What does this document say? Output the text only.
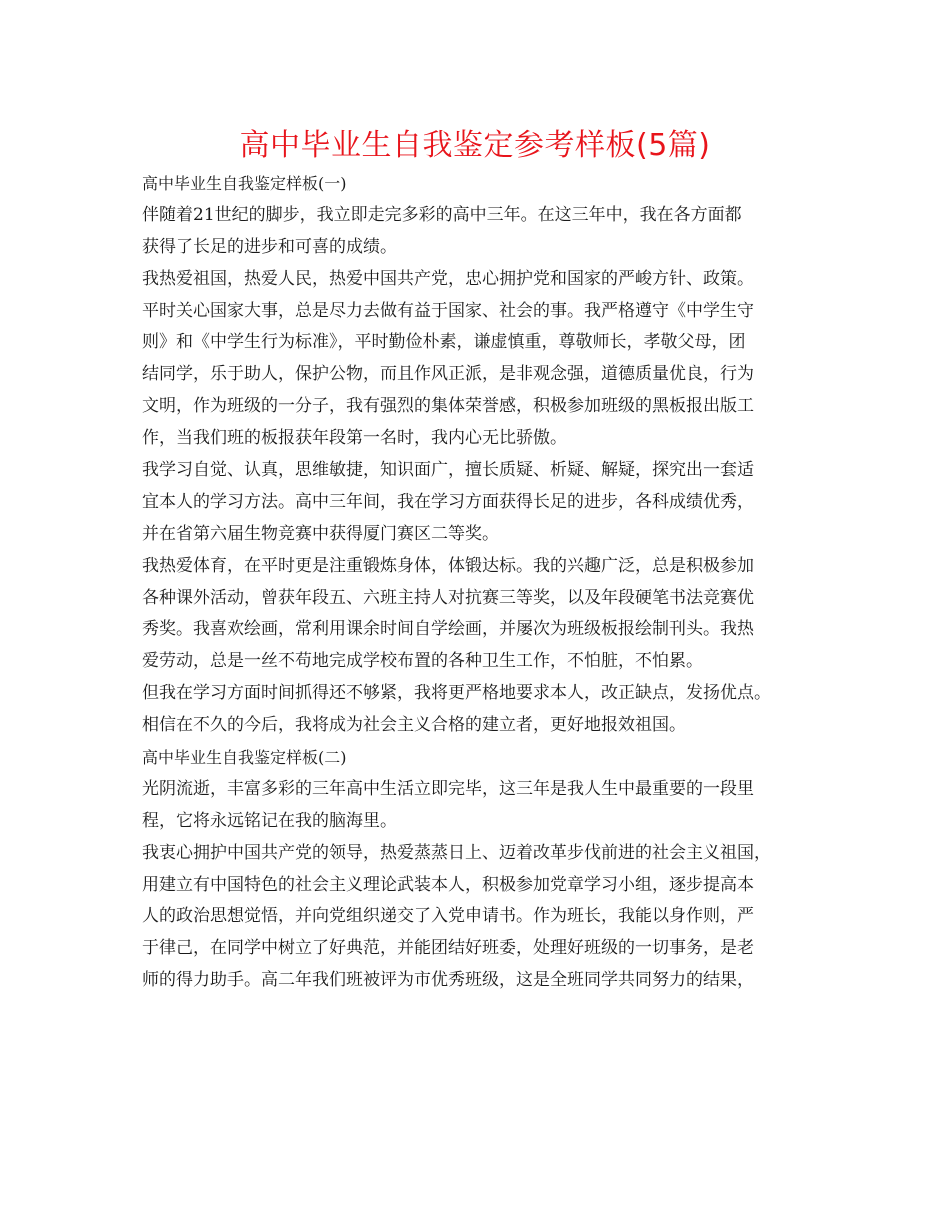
高中毕业生自我鉴定参考样板(5篇)
高中毕业生自我鉴定样板(一)
伴随着21世纪的脚步，我立即走完多彩的高中三年。在这三年中，我在各方面都
获得了长足的进步和可喜的成绩。
我热爱祖国，热爱人民，热爱中国共产党，忠心拥护党和国家的严峻方针、政策。
平时关心国家大事，总是尽力去做有益于国家、社会的事。我严格遵守《中学生守
则》和《中学生行为标准》，平时勤俭朴素，谦虚慎重，尊敬师长，孝敬父母，团
结同学，乐于助人，保护公物，而且作风正派，是非观念强，道德质量优良，行为
文明，作为班级的一分子，我有强烈的集体荣誉感，积极参加班级的黑板报出版工
作，当我们班的板报获年段第一名时，我内心无比骄傲。
我学习自觉、认真，思维敏捷，知识面广，擅长质疑、析疑、解疑，探究出一套适
宜本人的学习方法。高中三年间，我在学习方面获得长足的进步，各科成绩优秀，
并在省第六届生物竞赛中获得厦门赛区二等奖。
我热爱体育，在平时更是注重锻炼身体，体锻达标。我的兴趣广泛，总是积极参加
各种课外活动，曾获年段五、六班主持人对抗赛三等奖，以及年段硬笔书法竞赛优
秀奖。我喜欢绘画，常利用课余时间自学绘画，并屡次为班级板报绘制刊头。我热
爱劳动，总是一丝不苟地完成学校布置的各种卫生工作，不怕脏，不怕累。
但我在学习方面时间抓得还不够紧，我将更严格地要求本人，改正缺点，发扬优点。
相信在不久的今后，我将成为社会主义合格的建立者，更好地报效祖国。
高中毕业生自我鉴定样板(二)
光阴流逝，丰富多彩的三年高中生活立即完毕，这三年是我人生中最重要的一段里
程，它将永远铭记在我的脑海里。
我衷心拥护中国共产党的领导，热爱蒸蒸日上、迈着改革步伐前进的社会主义祖国，
用建立有中国特色的社会主义理论武装本人，积极参加党章学习小组，逐步提高本
人的政治思想觉悟，并向党组织递交了入党申请书。作为班长，我能以身作则，严
于律己，在同学中树立了好典范，并能团结好班委，处理好班级的一切事务，是老
师的得力助手。高二年我们班被评为市优秀班级，这是全班同学共同努力的结果，
